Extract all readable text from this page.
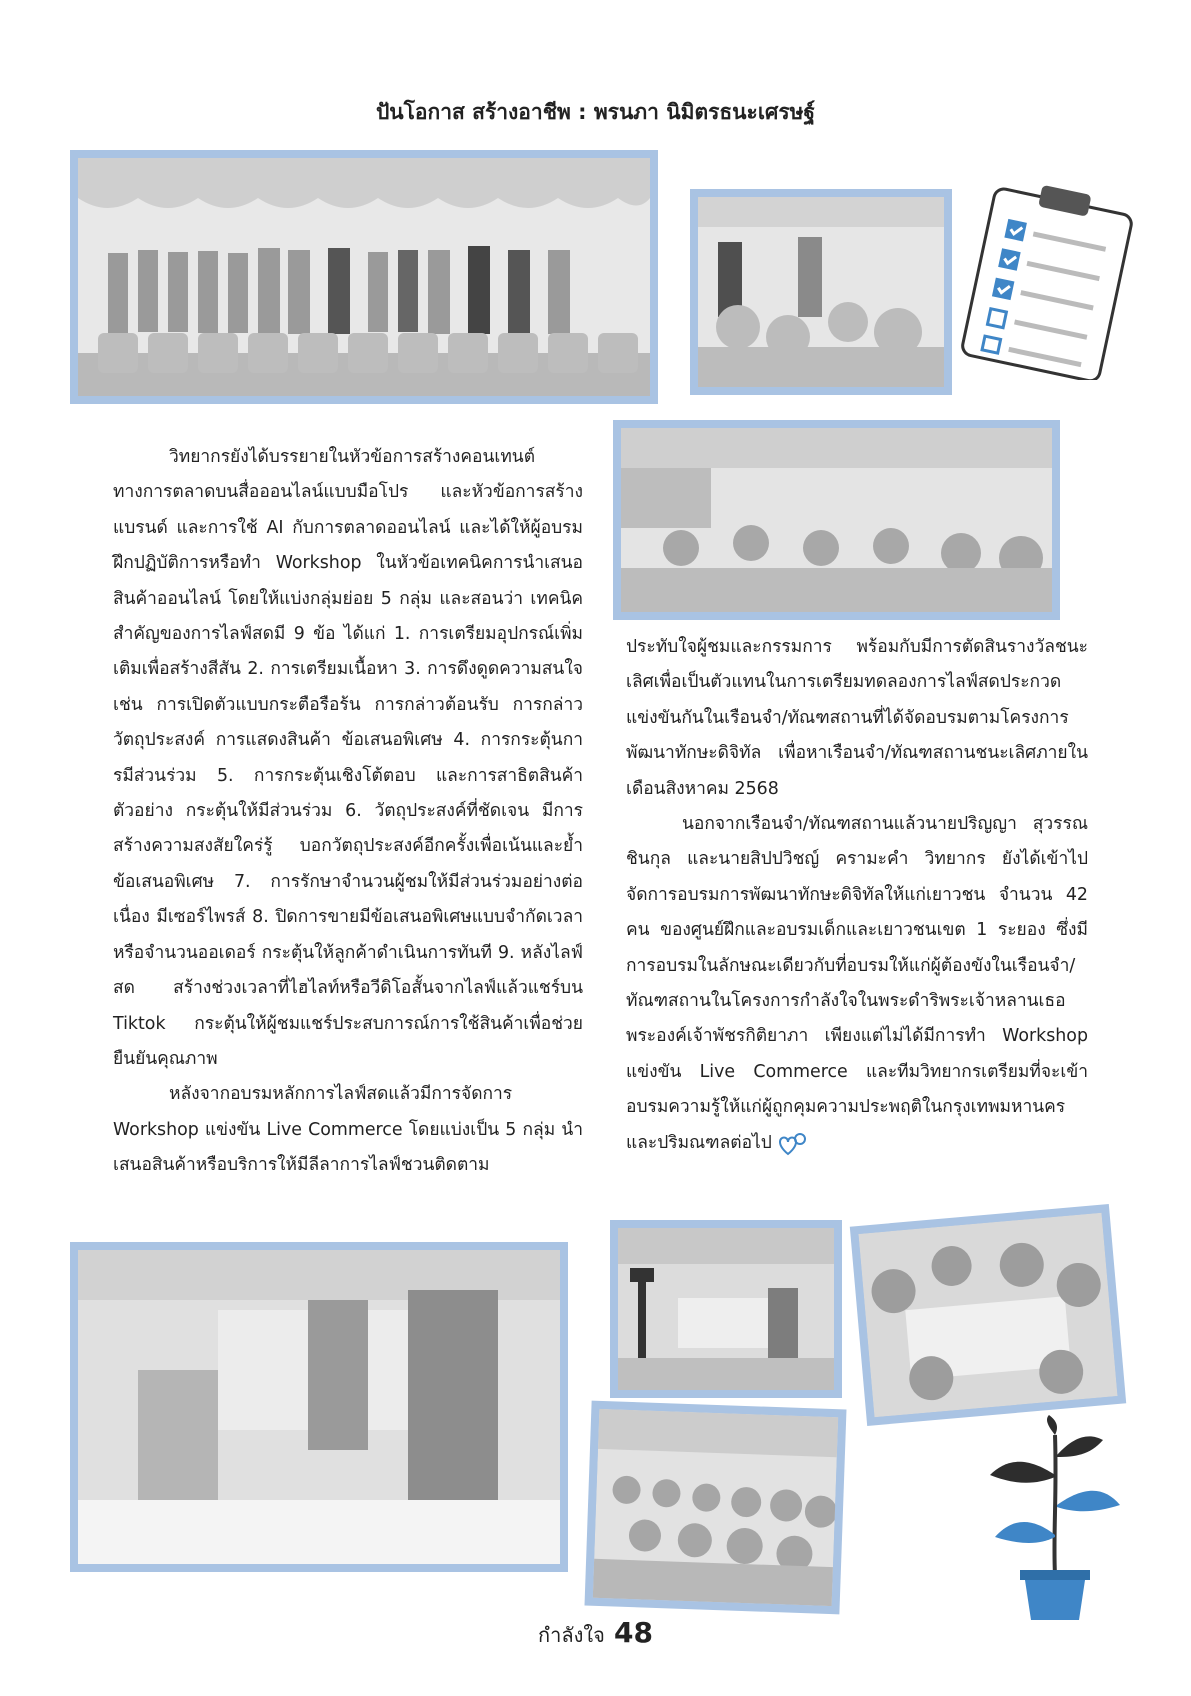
ปันโอกาส สร้างอาชีพ : พรนภา นิมิตรธนะเศรษฐ์

วิทยากรยังได้บรรยายในหัวข้อการสร้างคอนเทนต์ทางการตลาดบนสื่อออนไลน์แบบมือโปร และหัวข้อการสร้างแบรนด์ และการใช้ AI กับการตลาดออนไลน์ และได้ให้ผู้อบรมฝึกปฏิบัติการหรือทำ Workshop ในหัวข้อเทคนิคการนำเสนอสินค้าออนไลน์ โดยให้แบ่งกลุ่มย่อย 5 กลุ่ม และสอนว่า เทคนิคสำคัญของการไลฟ์สดมี 9 ข้อ ได้แก่ 1. การเตรียมอุปกรณ์เพิ่มเติมเพื่อสร้างสีสัน 2. การเตรียมเนื้อหา 3. การดึงดูดความสนใจ เช่น การเปิดตัวแบบกระตือรือร้น การกล่าวต้อนรับ การกล่าววัตถุประสงค์ การแสดงสินค้า ข้อเสนอพิเศษ 4. การกระตุ้นการมีส่วนร่วม 5. การกระตุ้นเชิงโต้ตอบ และการสาธิตสินค้าตัวอย่าง กระตุ้นให้มีส่วนร่วม 6. วัตถุประสงค์ที่ชัดเจน มีการสร้างความสงสัยใคร่รู้ บอกวัตถุประสงค์อีกครั้งเพื่อเน้นและย้ำข้อเสนอพิเศษ 7. การรักษาจำนวนผู้ชมให้มีส่วนร่วมอย่างต่อเนื่อง มีเซอร์ไพรส์ 8. ปิดการขายมีข้อเสนอพิเศษแบบจำกัดเวลา หรือจำนวนออเดอร์ กระตุ้นให้ลูกค้าดำเนินการทันที 9. หลังไลฟ์สด สร้างช่วงเวลาที่ไฮไลท์หรือวีดิโอสั้นจากไลฟ์แล้วแชร์บน Tiktok กระตุ้นให้ผู้ชมแชร์ประสบการณ์การใช้สินค้าเพื่อช่วยยืนยันคุณภาพ

หลังจากอบรมหลักการไลฟ์สดแล้วมีการจัดการ Workshop แข่งขัน Live Commerce โดยแบ่งเป็น 5 กลุ่ม นำเสนอสินค้าหรือบริการให้มีลีลาการไลฟ์ชวนติดตาม

ประทับใจผู้ชมและกรรมการ พร้อมกับมีการตัดสินรางวัลชนะเลิศเพื่อเป็นตัวแทนในการเตรียมทดลองการไลฟ์สดประกวดแข่งขันกันในเรือนจำ/ทัณฑสถานที่ได้จัดอบรมตามโครงการพัฒนาทักษะดิจิทัล เพื่อหาเรือนจำ/ทัณฑสถานชนะเลิศภายในเดือนสิงหาคม 2568

นอกจากเรือนจำ/ทัณฑสถานแล้วนายปริญญา สุวรรณชินกุล และนายสิปปวิชญ์ ครามะคำ วิทยากร ยังได้เข้าไปจัดการอบรมการพัฒนาทักษะดิจิทัลให้แก่เยาวชน จำนวน 42 คน ของศูนย์ฝึกและอบรมเด็กและเยาวชนเขต 1 ระยอง ซึ่งมีการอบรมในลักษณะเดียวกับที่อบรมให้แก่ผู้ต้องขังในเรือนจำ/ทัณฑสถานในโครงการกำลังใจในพระดำริพระเจ้าหลานเธอ พระองค์เจ้าพัชรกิติยาภา เพียงแต่ไม่ได้มีการทำ Workshop แข่งขัน Live Commerce และทีมวิทยากรเตรียมที่จะเข้าอบรมความรู้ให้แก่ผู้ถูกคุมความประพฤติในกรุงเทพมหานครและปริมณฑลต่อไป

กำลังใจ 48
